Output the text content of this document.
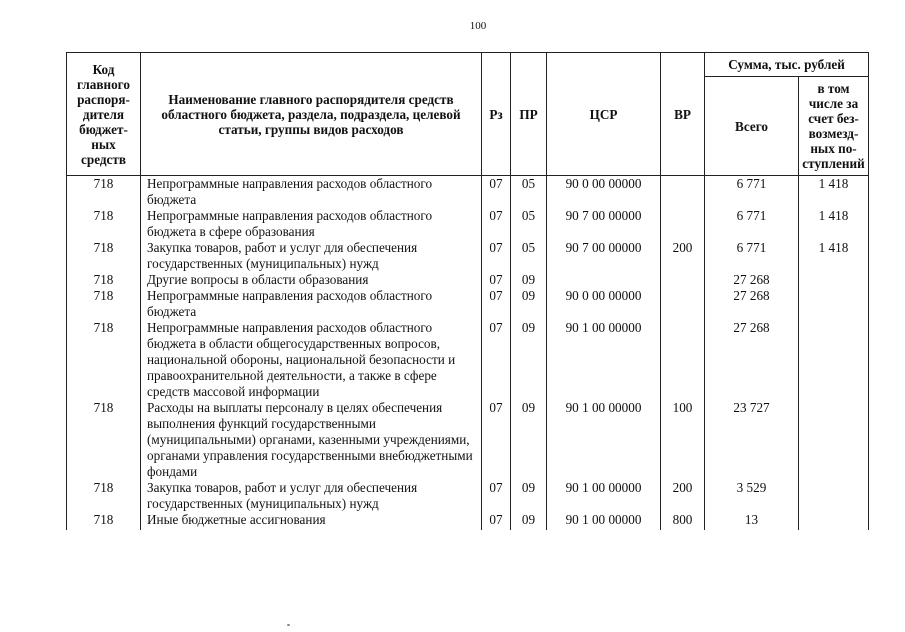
100
Код главного распоря-дителя бюджет-ных средств	Наименование главного распорядителя средств областного бюджета, раздела, подраздела, целевой статьи, группы видов расходов	Рз	ПР	ЦСР	ВР	Сумма, тыс. рублей	
						Всего	в том числе за счет без-возмезд-ных по-ступлений
718	Непрограммные направления расходов областного бюджета	07	05	90 0 00 00000		6 771	1 418
718	Непрограммные направления расходов областного бюджета в сфере образования	07	05	90 7 00 00000		6 771	1 418
718	Закупка товаров, работ и услуг для обеспечения государственных (муниципальных) нужд	07	05	90 7 00 00000	200	6 771	1 418
718	Другие вопросы в области образования	07	09			27 268	
718	Непрограммные направления расходов областного бюджета	07	09	90 0 00 00000		27 268	
718	Непрограммные направления расходов областного бюджета в области общегосударственных вопросов, национальной обороны, национальной безопасности и правоохранительной деятельности, а также в сфере средств массовой информации	07	09	90 1 00 00000		27 268	
718	Расходы на выплаты персоналу в целях обеспечения выполнения функций государственными (муниципальными) органами, казенными учреждениями, органами управления государственными внебюджетными фондами	07	09	90 1 00 00000	100	23 727	
718	Закупка товаров, работ и услуг для обеспечения государственных (муниципальных) нужд	07	09	90 1 00 00000	200	3 529	
718	Иные бюджетные ассигнования	07	09	90 1 00 00000	800	13	
